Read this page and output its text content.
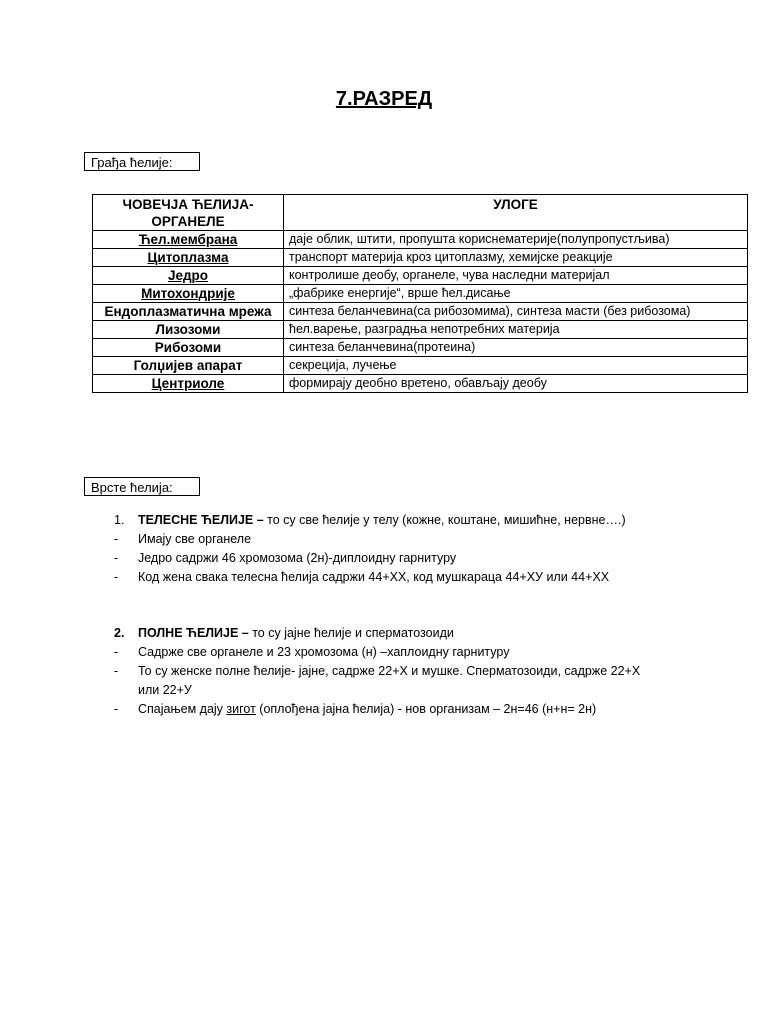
7.РАЗРЕД
Грађа ћелије:
ЧОВЕЧЈА ЋЕЛИЈА-ОРГАНЕЛЕ	УЛОГЕ
Ћел.мембрана	даје облик, штити, пропушта кориснематерије(полупропустљива)
Цитоплазма	транспорт материја кроз цитоплазму, хемијске реакције
Једро	контролише деобу, органеле, чува наследни материјал
Митохондрије	„фабрике енергије“, врше ћел.дисање
Ендоплазматична мрежа	синтеза беланчевина(са рибозомима), синтеза масти (без рибозома)
Лизозоми	ћел.варење, разградња непотребних материја
Рибозоми	синтеза беланчевина(протеина)
Голџијев апарат	секреција, лучење
Центриоле	формирају деобно вретено, обављају деобу
Врсте ћелија:
1. ТЕЛЕСНЕ ЋЕЛИЈЕ – то су све ћелије у телу (кожне, коштане, мишићне, нервне….)
- Имају све органеле
- Једро садржи 46 хромозома (2н)-диплоидну гарнитуру
- Код жена свака телесна ћелија садржи 44+ХХ, код мушкараца 44+ХУ или 44+ХХ
2. ПОЛНЕ ЋЕЛИЈЕ – то су јајне ћелије и сперматозоиди
- Садрже све органеле и 23 хромозома (н) –хаплоидну гарнитуру
- То су женске полне ћелије- јајне, садрже 22+Х и мушке. Сперматозоиди, садрже 22+Х
или 22+У
- Спајањем дају зигот (оплођена јајна ћелија) - нов организам – 2н=46 (н+н= 2н)
